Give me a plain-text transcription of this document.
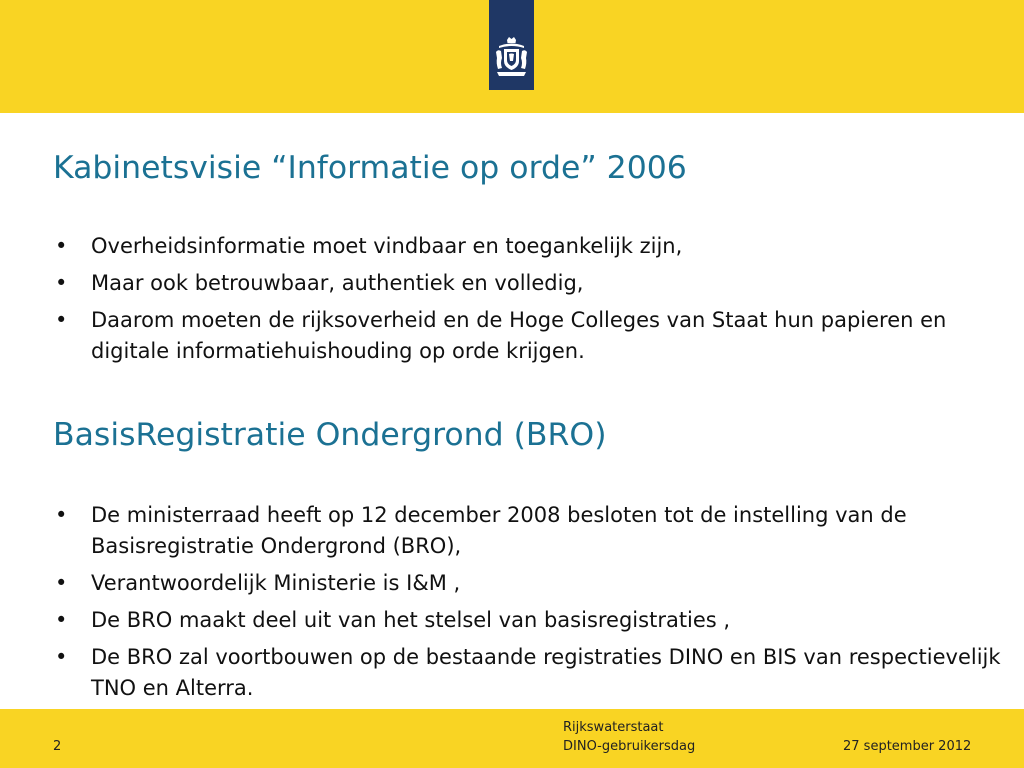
Kabinetsvisie “Informatie op orde” 2006
•	Overheidsinformatie moet vindbaar en toegankelijk zijn,
•	Maar ook betrouwbaar, authentiek en volledig,
•	Daarom moeten de rijksoverheid en de Hoge Colleges van Staat hun papieren en digitale informatiehuishouding op orde krijgen.
BasisRegistratie Ondergrond (BRO)
•	De ministerraad heeft op 12 december 2008 besloten tot de instelling van de Basisregistratie Ondergrond (BRO),
•	Verantwoordelijk Ministerie is I&M ,
•	De BRO maakt deel uit van het stelsel van basisregistraties ,
•	De BRO zal voortbouwen op de bestaande registraties DINO en BIS van respectievelijk TNO en Alterra.
2
Rijkswaterstaat
DINO-gebruikersdag	27 september 2012
